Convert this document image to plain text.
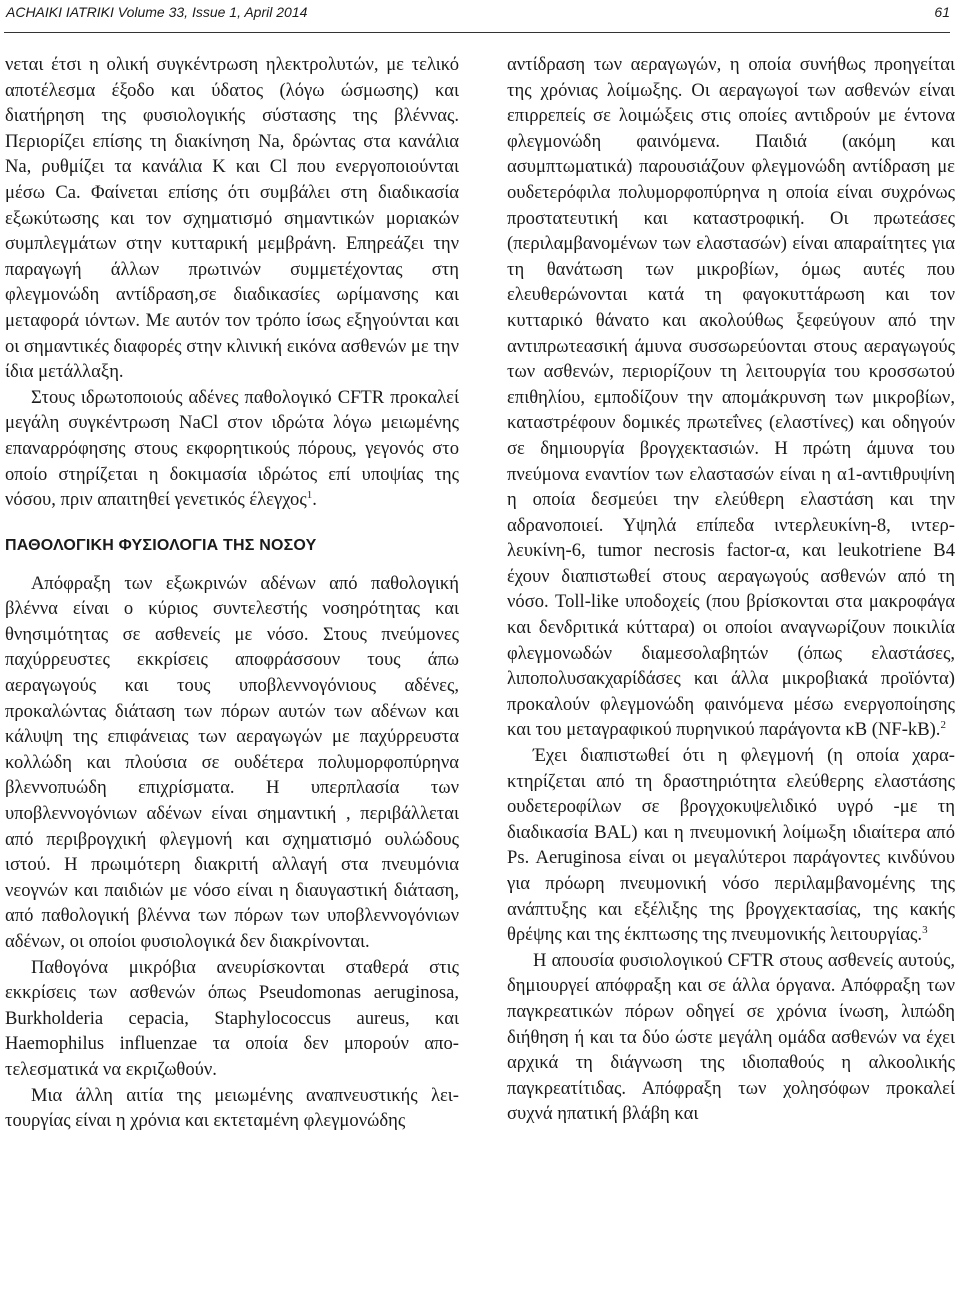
ACHAIKI IATRIKI Volume 33, Issue 1, April 2014	61

νεται έτσι η ολική συγκέντρωση ηλεκτρολυτών, με τελικό αποτέλεσμα έξοδο και ύδατος (λόγω ώσμωσης) και διατήρηση της φυσιολογικής σύστασης της βλέννας. Περιορίζει επίσης τη διακίνηση Na, δρώντας στα κανάλια Na, ρυθμίζει τα κανάλια K και Cl που ενεργοποιούνται μέσω Ca. Φαίνεται επίσης ότι συμβάλει στη διαδικασία εξωκύτωσης και τον σχηματισμό σημαντικών μοριακών συμπλεγμάτων στην κυτταρική μεμβράνη. Επηρεάζει την παραγωγή άλλων πρωτινών συμμετέχοντας στη φλεγμονώδη αντίδραση,σε διαδικασίες ωρίμανσης και μεταφορά ιόντων. Με αυτόν τον τρόπο ίσως εξηγούνται και οι σημαντικές διαφορές στην κλινική εικόνα ασθενών με την ίδια μετάλλαξη.

Στους ιδρωτοποιούς αδένες παθολογικό CFTR προκαλεί μεγάλη συγκέντρωση NaCl στον ιδρώτα λόγω μειωμένης επαναρρόφησης στους εκφορητικούς πόρους, γεγονός στο οποίο στηρίζεται η δοκιμασία ιδρώτος επί υποψίας της νόσου, πριν απαιτηθεί γενετικός έλεγχος$^1$.

ΠΑΘΟΛΟΓΙΚΗ ΦΥΣΙΟΛΟΓΙΑ ΤΗΣ ΝΟΣΟΥ

Απόφραξη των εξωκρινών αδένων από παθολογική βλέννα είναι ο κύριος συντελεστής νοσηρότητας και θνησιμότητας σε ασθενείς με νόσο. Στους πνεύμονες παχύρρευστες εκκρίσεις αποφράσσουν τους άπω αεραγωγούς και τους υποβλεννογόνιους αδένες, προκαλώντας διάταση των πόρων αυτών των αδένων και κάλυψη της επιφάνειας των αεραγωγών με παχύρρευστα κολλώδη και πλούσια σε ουδέτερα πολυμορφοπύρηνα βλεννοπυώδη επιχρίσματα. Η υπερπλασία των υποβλεννογόνιων αδένων είναι σημαντική , περιβάλλεται από περιβρογχική φλεγμονή και σχηματισμό ουλώδους ιστού. Η πρωιμότερη διακριτή αλλαγή στα πνευμόνια νεογνών και παιδιών με νόσο είναι η διαυγαστική διάταση, από παθολογική βλέννα των πόρων των υποβλεννογόνιων αδένων, οι οποίοι φυσιολογικά δεν διακρίνονται.

Παθογόνα μικρόβια ανευρίσκονται σταθερά στις εκκρίσεις των ασθενών όπως Pseudomonas aeruginosa, Burkholderia cepacia, Staphylococcus aureus, και Haemophilus influenzae τα οποία δεν μπορούν αποτελεσματικά να εκριζωθούν.

Μια άλλη αιτία της μειωμένης αναπνευστικής λειτουργίας είναι η χρόνια και εκτεταμένη φλεγμονώδης

αντίδραση των αεραγωγών, η οποία συνήθως προηγείται της χρόνιας λοίμωξης. Οι αεραγωγοί των ασθενών είναι επιρρεπείς σε λοιμώξεις στις οποίες αντιδρούν με έντονα φλεγμονώδη φαινόμενα. Παιδιά (ακόμη και ασυμπτωματικά) παρουσιάζουν φλεγμονώδη αντίδραση με ουδετερόφιλα πολυμορφοπύρηνα η οποία είναι συχρόνως προστατευτική και καταστροφική. Οι πρωτεάσες (περιλαμβανομένων των ελαστασών) είναι απαραίτητες για τη θανάτωση των μικροβίων, όμως αυτές που ελευθερώνονται κατά τη φαγοκυττάρωση και τον κυτταρικό θάνατο και ακολούθως ξεφεύγουν από την αντιπρωτεασική άμυνα συσσωρεύονται στους αεραγωγούς των ασθενών, περιορίζουν τη λειτουργία του κροσσωτού επιθηλίου, εμποδίζουν την απομάκρυνση των μικροβίων, καταστρέφουν δομικές πρωτεΐνες (ελαστίνες) και οδηγούν σε δημιουργία βρογχεκτασιών. Η πρώτη άμυνα του πνεύμονα εναντίον των ελαστασών είναι η α1-αντιθρυψίνη η οποία δεσμεύει την ελεύθερη ελαστάση και την αδρανοποιεί. Υψηλά επίπεδα ιντερλευκίνη-8, ιντερλευκίνη-6, tumor necrosis factor-α, και leukotriene B4 έχουν διαπιστωθεί στους αεραγωγούς ασθενών από τη νόσο. Toll-like υποδοχείς (που βρίσκονται στα μακροφάγα και δενδριτικά κύτταρα) οι οποίοι αναγνωρίζουν ποικιλία φλεγμονωδών διαμεσολαβητών (όπως ελαστάσες, λιποπολυσακχαρίδάσες και άλλα μικροβιακά προϊόντα) προκαλούν φλεγμονώδη φαινόμενα μέσω ενεργοποίησης και του μεταγραφικού πυρηνικού παράγοντα κB (NF-kB).$^2$

Έχει διαπιστωθεί ότι η φλεγμονή (η οποία χαρακτηρίζεται από τη δραστηριότητα ελεύθερης ελαστάσης ουδετεροφίλων σε βρογχοκυψελιδικό υγρό -με τη διαδικασία BAL) και η πνευμονική λοίμωξη ιδιαίτερα από Ps. Aeruginosa είναι οι μεγαλύτεροι παράγοντες κινδύνου για πρόωρη πνευμονική νόσο περιλαμβανομένης της ανάπτυξης και εξέλιξης της βρογχεκτασίας, της κακής θρέψης και της έκπτωσης της πνευμονικής λειτουργίας.$^3$

Η απουσία φυσιολογικού CFTR στους ασθενείς αυτούς, δημιουργεί απόφραξη και σε άλλα όργανα. Απόφραξη των παγκρεατικών πόρων οδηγεί σε χρόνια ίνωση, λιπώδη διήθηση ή και τα δύο ώστε μεγάλη ομάδα ασθενών να έχει αρχικά τη διάγνωση της ιδιοπαθούς η αλκοολικής παγκρεατίτιδας. Απόφραξη των χολησόφων προκαλεί συχνά ηπατική βλάβη και
